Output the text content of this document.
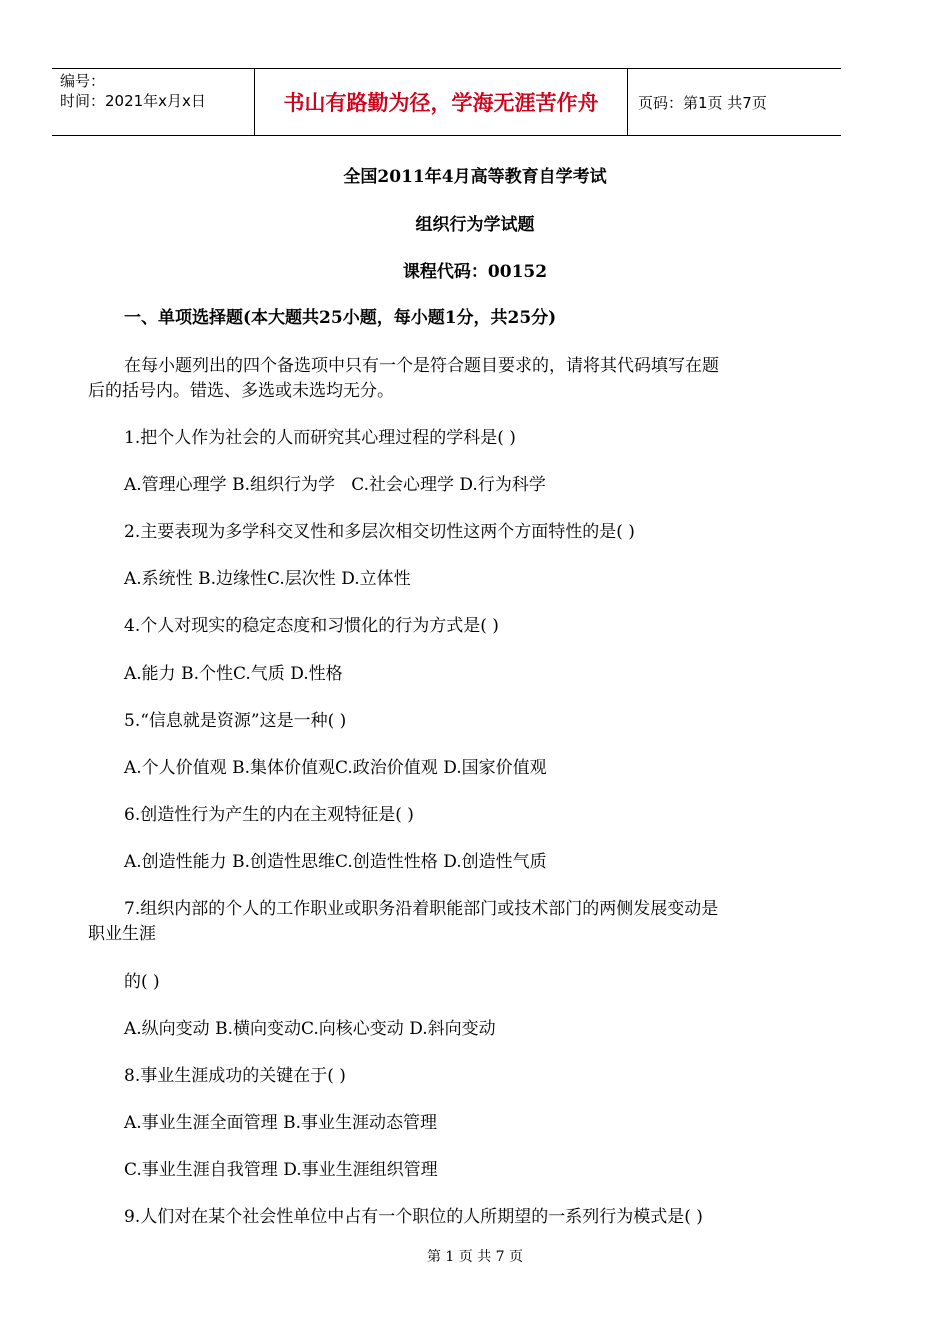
编号：
时间：2021年x月x日	书山有路勤为径，学海无涯苦作舟	页码：第1页 共7页
全国2011年4月高等教育自学考试
组织行为学试题
课程代码：00152
一、单项选择题(本大题共25小题，每小题1分，共25分)
在每小题列出的四个备选项中只有一个是符合题目要求的，请将其代码填写在题
后的括号内。错选、多选或未选均无分。
1.把个人作为社会的人而研究其心理过程的学科是( )
A.管理心理学 B.组织行为学 C.社会心理学 D.行为科学
2.主要表现为多学科交叉性和多层次相交切性这两个方面特性的是( )
A.系统性 B.边缘性C.层次性 D.立体性
4.个人对现实的稳定态度和习惯化的行为方式是( )
A.能力 B.个性C.气质 D.性格
5.“信息就是资源”这是一种( )
A.个人价值观 B.集体价值观C.政治价值观 D.国家价值观
6.创造性行为产生的内在主观特征是( )
A.创造性能力 B.创造性思维C.创造性性格 D.创造性气质
7.组织内部的个人的工作职业或职务沿着职能部门或技术部门的两侧发展变动是
职业生涯
的( )
A.纵向变动 B.横向变动C.向核心变动 D.斜向变动
8.事业生涯成功的关键在于( )
A.事业生涯全面管理 B.事业生涯动态管理
C.事业生涯自我管理 D.事业生涯组织管理
9.人们对在某个社会性单位中占有一个职位的人所期望的一系列行为模式是( )
第 1 页 共 7 页
